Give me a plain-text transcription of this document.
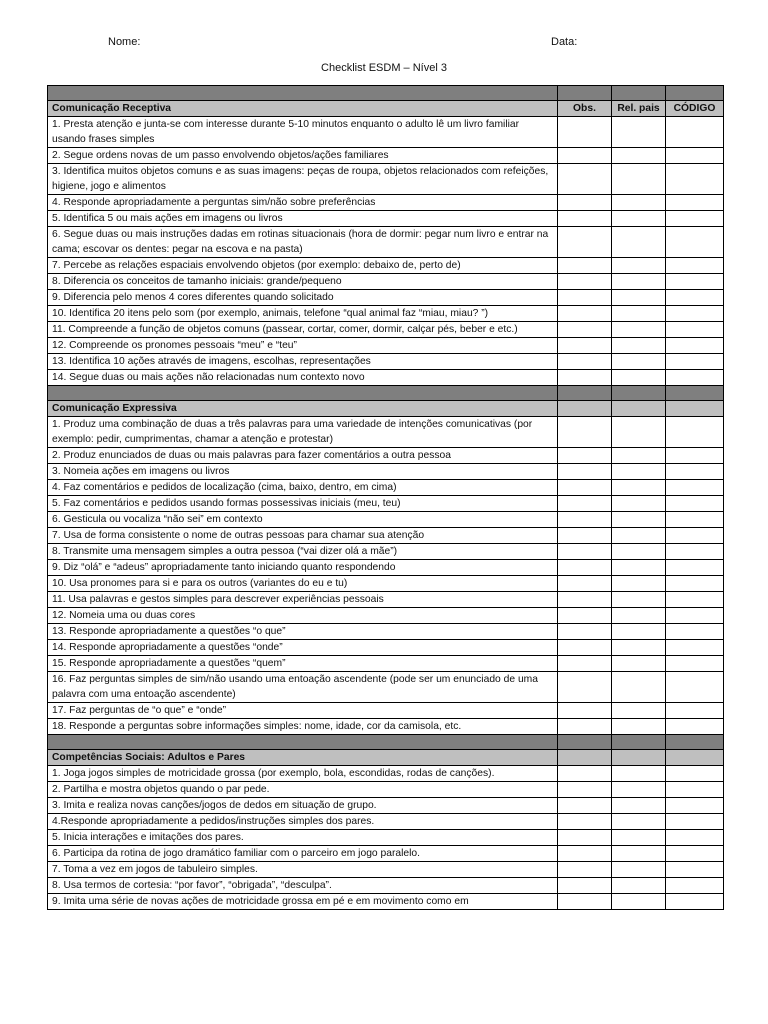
Nome:	Data:
Checklist ESDM – Nível 3

Comunicação Receptiva	Obs.	Rel. pais	CÓDIGO
1. Presta atenção e junta-se com interesse durante 5-10 minutos enquanto o adulto lê um livro familiar usando frases simples			
2. Segue ordens novas de um passo envolvendo objetos/ações familiares			
3. Identifica muitos objetos comuns e as suas imagens: peças de roupa, objetos relacionados com refeições, higiene, jogo e alimentos			
4. Responde apropriadamente a perguntas sim/não sobre preferências			
5. Identifica 5 ou mais ações em imagens ou livros			
6. Segue duas ou mais instruções dadas em rotinas situacionais (hora de dormir: pegar num livro e entrar na cama; escovar os dentes: pegar na escova e na pasta)			
7. Percebe as relações espaciais envolvendo objetos (por exemplo: debaixo de, perto de)			
8. Diferencia os conceitos de tamanho iniciais: grande/pequeno			
9. Diferencia pelo menos 4 cores diferentes quando solicitado			
10. Identifica 20 itens pelo som (por exemplo, animais, telefone “qual animal faz “miau, miau? ”)			
11. Compreende a função de objetos comuns (passear, cortar, comer, dormir, calçar pés, beber e etc.)			
12. Compreende os pronomes pessoais “meu” e “teu”			
13. Identifica 10 ações através de imagens, escolhas, representações			
14. Segue duas ou mais ações não relacionadas num contexto novo			

Comunicação Expressiva			
1. Produz uma combinação de duas a três palavras para uma variedade de intenções comunicativas (por exemplo: pedir, cumprimentas, chamar a atenção e protestar)			
2. Produz enunciados de duas ou mais palavras para fazer comentários a outra pessoa			
3. Nomeia ações em imagens ou livros			
4. Faz comentários e pedidos de localização (cima, baixo, dentro, em cima)			
5. Faz comentários e pedidos usando formas possessivas iniciais (meu, teu)			
6. Gesticula ou vocaliza “não sei” em contexto			
7. Usa de forma consistente o nome de outras pessoas para chamar sua atenção			
8. Transmite uma mensagem simples a outra pessoa (“vai dizer olá a mãe”)			
9. Diz “olá” e “adeus” apropriadamente tanto iniciando quanto respondendo			
10. Usa pronomes para si e para os outros (variantes do eu e tu)			
11. Usa palavras e gestos simples para descrever experiências pessoais			
12. Nomeia uma ou duas cores			
13. Responde apropriadamente a questões “o que”			
14. Responde apropriadamente a questões “onde”			
15. Responde apropriadamente a questões “quem”			
16. Faz perguntas simples de sim/não usando uma entoação ascendente (pode ser um enunciado de uma palavra com uma entoação ascendente)			
17. Faz perguntas de “o que” e “onde”			
18. Responde a perguntas sobre informações simples: nome, idade, cor da camisola, etc.			

Competências Sociais: Adultos e Pares			
1. Joga jogos simples de motricidade grossa (por exemplo, bola, escondidas, rodas de canções).			
2. Partilha e mostra objetos quando o par pede.			
3. Imita e realiza novas canções/jogos de dedos em situação de grupo.			
4.Responde apropriadamente a pedidos/instruções simples dos pares.			
5. Inicia interações e imitações dos pares.			
6. Participa da rotina de jogo dramático familiar com o parceiro em jogo paralelo.			
7. Toma a vez em jogos de tabuleiro simples.			
8. Usa termos de cortesia: “por favor”, “obrigada”, “desculpa”.			
9. Imita uma série de novas ações de motricidade grossa em pé e em movimento como em			
